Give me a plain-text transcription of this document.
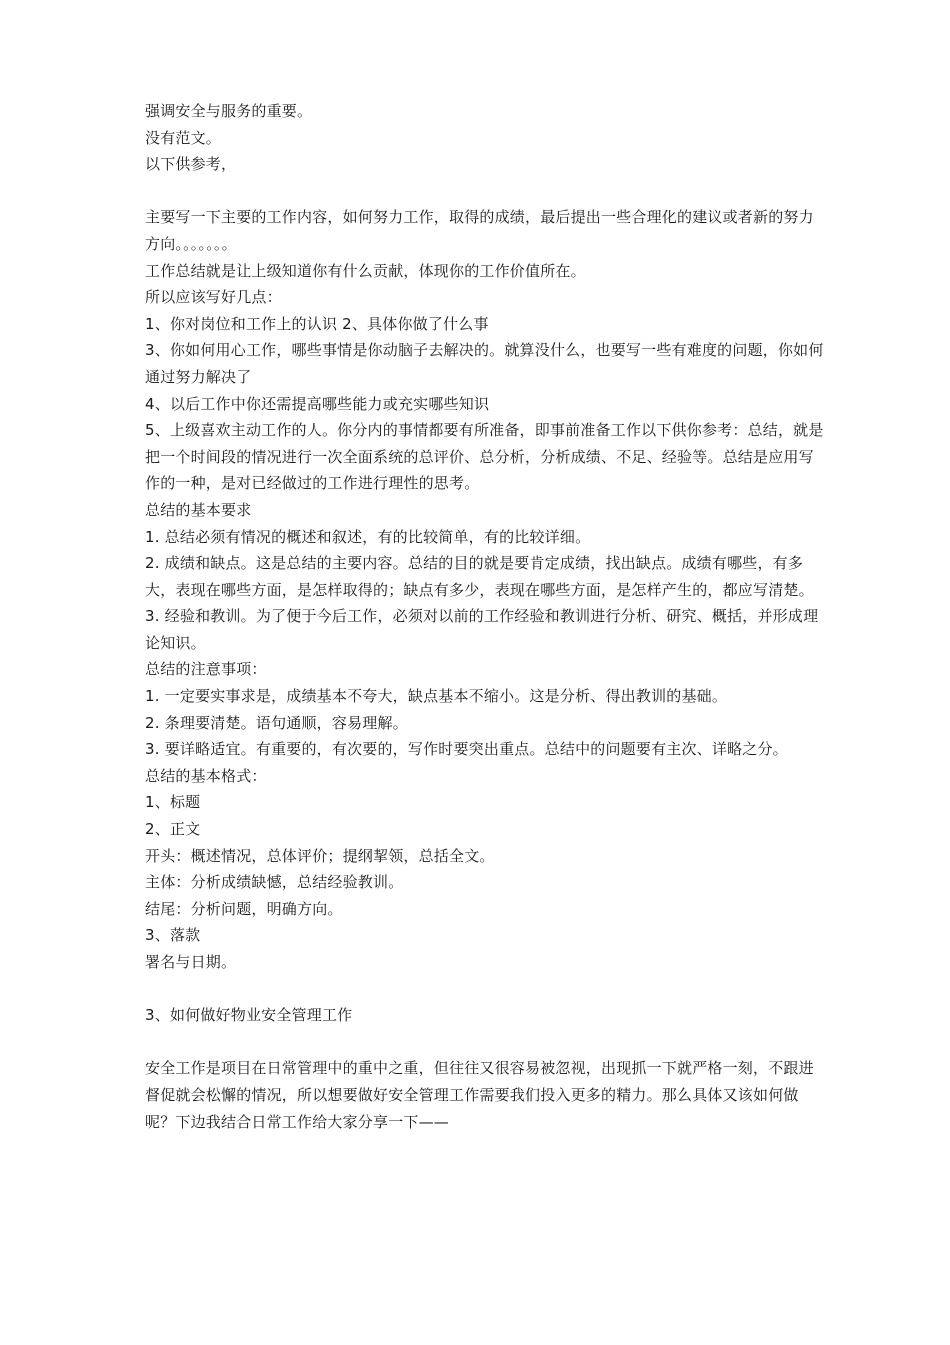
强调安全与服务的重要。

没有范文。

以下供参考，

主要写一下主要的工作内容，如何努力工作，取得的成绩，最后提出一些合理化的建议或者新的努力方向。。。。。。。

工作总结就是让上级知道你有什么贡献，体现你的工作价值所在。

所以应该写好几点：

1、你对岗位和工作上的认识 2、具体你做了什么事

3、你如何用心工作，哪些事情是你动脑子去解决的。就算没什么，也要写一些有难度的问题，你如何通过努力解决了

4、以后工作中你还需提高哪些能力或充实哪些知识

5、上级喜欢主动工作的人。你分内的事情都要有所准备，即事前准备工作以下供你参考：总结，就是把一个时间段的情况进行一次全面系统的总评价、总分析，分析成绩、不足、经验等。总结是应用写作的一种，是对已经做过的工作进行理性的思考。

总结的基本要求

1. 总结必须有情况的概述和叙述，有的比较简单，有的比较详细。

2. 成绩和缺点。这是总结的主要内容。总结的目的就是要肯定成绩，找出缺点。成绩有哪些，有多大，表现在哪些方面，是怎样取得的；缺点有多少，表现在哪些方面，是怎样产生的，都应写清楚。

3. 经验和教训。为了便于今后工作，必须对以前的工作经验和教训进行分析、研究、概括，并形成理论知识。

总结的注意事项：

1. 一定要实事求是，成绩基本不夸大，缺点基本不缩小。这是分析、得出教训的基础。

2. 条理要清楚。语句通顺，容易理解。

3. 要详略适宜。有重要的，有次要的，写作时要突出重点。总结中的问题要有主次、详略之分。

总结的基本格式：

1、标题

2、正文

开头：概述情况，总体评价；提纲挈领，总括全文。

主体：分析成绩缺憾，总结经验教训。

结尾：分析问题，明确方向。

3、落款

署名与日期。

3、如何做好物业安全管理工作

安全工作是项目在日常管理中的重中之重，但往往又很容易被忽视，出现抓一下就严格一刻，不跟进督促就会松懈的情况，所以想要做好安全管理工作需要我们投入更多的精力。那么具体又该如何做呢？下边我结合日常工作给大家分享一下——
